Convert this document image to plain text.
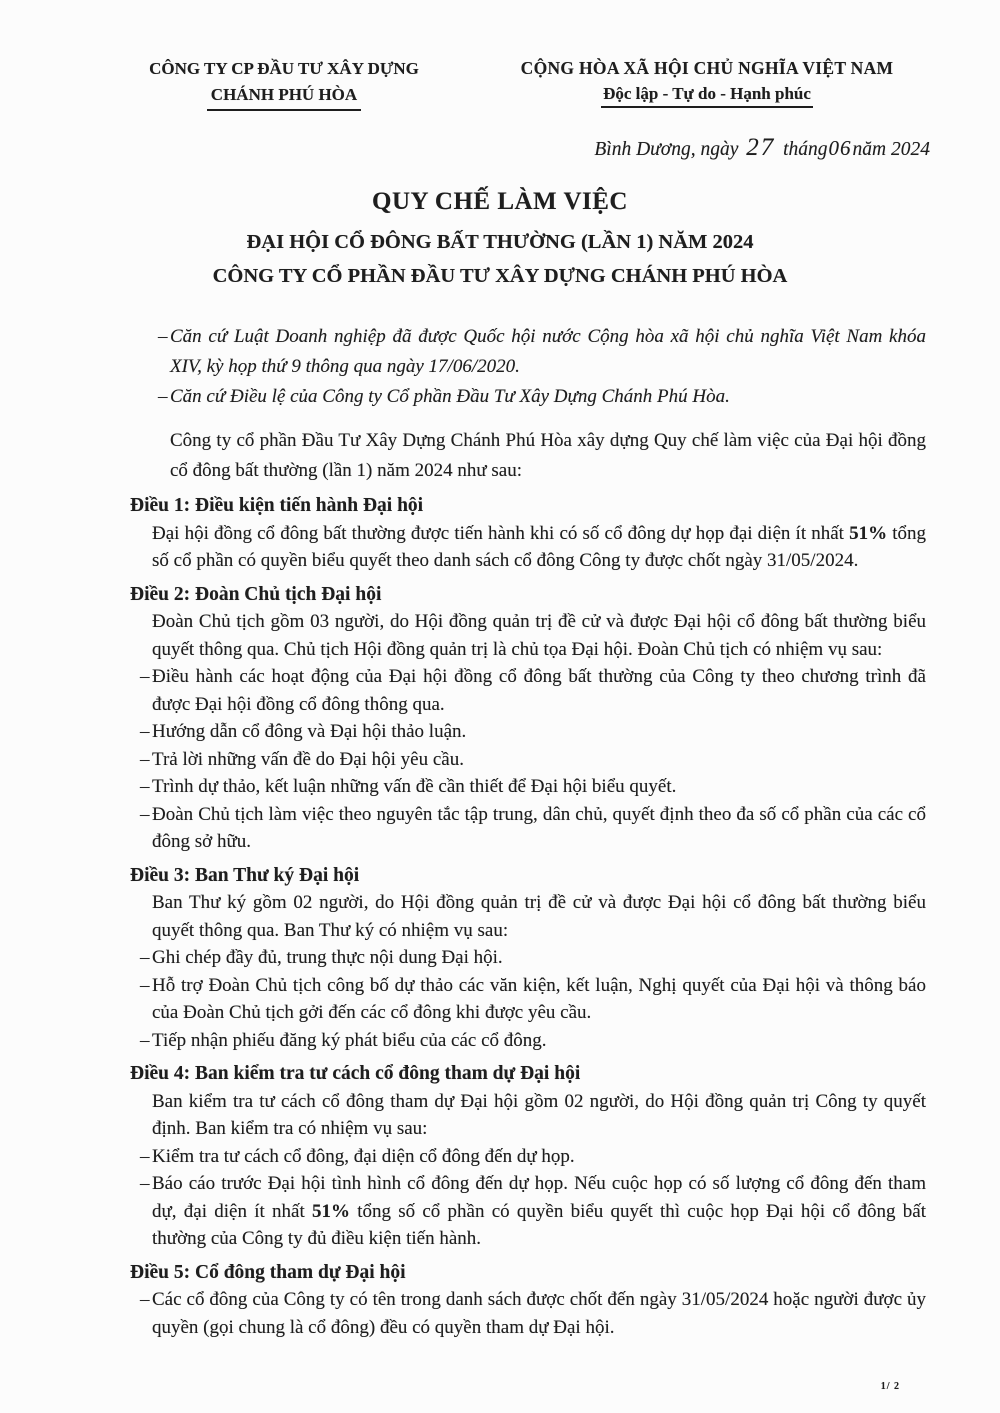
CÔNG TY CP ĐẦU TƯ XÂY DỰNG
CHÁNH PHÚ HÒA
CỘNG HÒA XÃ HỘI CHỦ NGHĨA VIỆT NAM
Độc lập - Tự do - Hạnh phúc
Bình Dương, ngày 27 tháng06năm 2024
QUY CHẾ LÀM VIỆC
ĐẠI HỘI CỔ ĐÔNG BẤT THƯỜNG (LẦN 1) NĂM 2024
CÔNG TY CỔ PHẦN ĐẦU TƯ XÂY DỰNG CHÁNH PHÚ HÒA
– Căn cứ Luật Doanh nghiệp đã được Quốc hội nước Cộng hòa xã hội chủ nghĩa Việt Nam khóa XIV, kỳ họp thứ 9 thông qua ngày 17/06/2020.
– Căn cứ Điều lệ của Công ty Cổ phần Đầu Tư Xây Dựng Chánh Phú Hòa.
Công ty cổ phần Đầu Tư Xây Dựng Chánh Phú Hòa xây dựng Quy chế làm việc của Đại hội đồng cổ đông bất thường (lần 1) năm 2024 như sau:
Điều 1: Điều kiện tiến hành Đại hội
Đại hội đồng cổ đông bất thường được tiến hành khi có số cổ đông dự họp đại diện ít nhất 51% tổng số cổ phần có quyền biểu quyết theo danh sách cổ đông Công ty được chốt ngày 31/05/2024.
Điều 2: Đoàn Chủ tịch Đại hội
Đoàn Chủ tịch gồm 03 người, do Hội đồng quản trị đề cử và được Đại hội cổ đông bất thường biểu quyết thông qua. Chủ tịch Hội đồng quản trị là chủ tọa Đại hội. Đoàn Chủ tịch có nhiệm vụ sau:
– Điều hành các hoạt động của Đại hội đồng cổ đông bất thường của Công ty theo chương trình đã được Đại hội đồng cổ đông thông qua.
– Hướng dẫn cổ đông và Đại hội thảo luận.
– Trả lời những vấn đề do Đại hội yêu cầu.
– Trình dự thảo, kết luận những vấn đề cần thiết để Đại hội biểu quyết.
– Đoàn Chủ tịch làm việc theo nguyên tắc tập trung, dân chủ, quyết định theo đa số cổ phần của các cổ đông sở hữu.
Điều 3: Ban Thư ký Đại hội
Ban Thư ký gồm 02 người, do Hội đồng quản trị đề cử và được Đại hội cổ đông bất thường biểu quyết thông qua. Ban Thư ký có nhiệm vụ sau:
– Ghi chép đầy đủ, trung thực nội dung Đại hội.
– Hỗ trợ Đoàn Chủ tịch công bố dự thảo các văn kiện, kết luận, Nghị quyết của Đại hội và thông báo của Đoàn Chủ tịch gởi đến các cổ đông khi được yêu cầu.
– Tiếp nhận phiếu đăng ký phát biểu của các cổ đông.
Điều 4: Ban kiểm tra tư cách cổ đông tham dự Đại hội
Ban kiểm tra tư cách cổ đông tham dự Đại hội gồm 02 người, do Hội đồng quản trị Công ty quyết định. Ban kiểm tra có nhiệm vụ sau:
– Kiểm tra tư cách cổ đông, đại diện cổ đông đến dự họp.
– Báo cáo trước Đại hội tình hình cổ đông đến dự họp. Nếu cuộc họp có số lượng cổ đông đến tham dự, đại diện ít nhất 51% tổng số cổ phần có quyền biểu quyết thì cuộc họp Đại hội cổ đông bất thường của Công ty đủ điều kiện tiến hành.
Điều 5: Cổ đông tham dự Đại hội
– Các cổ đông của Công ty có tên trong danh sách được chốt đến ngày 31/05/2024 hoặc người được ủy quyền (gọi chung là cổ đông) đều có quyền tham dự Đại hội.
1/ 2
